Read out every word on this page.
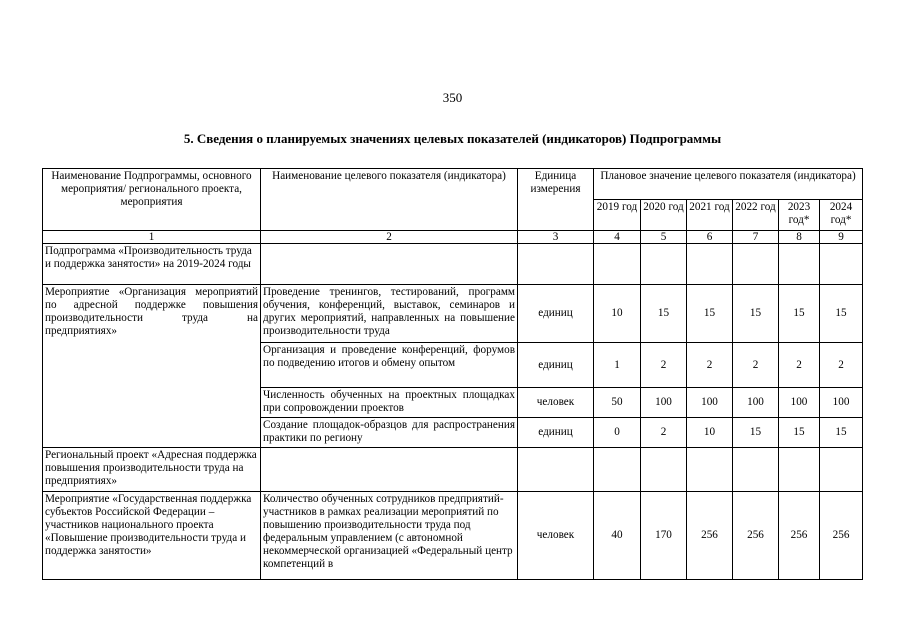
350
5. Сведения о планируемых значениях целевых показателей (индикаторов) Подпрограммы
Наименование Подпрограммы, основного мероприятия/ регионального проекта, мероприятия	Наименование целевого показателя (индикатора)	Единица измерения	Плановое значение целевого показателя (индикатора)					
			2019 год	2020 год	2021 год	2022 год	2023 год*	2024 год*
1	2	3	4	5	6	7	8	9
Подпрограмма «Производительность труда и поддержка занятости» на 2019-2024 годы								
Мероприятие «Организация мероприятий по адресной поддержке повышения производительности труда на предприятиях»	Проведение тренингов, тестирований, программ обучения, конференций, выставок, семинаров и других мероприятий, направленных на повышение производительности труда	единиц	10	15	15	15	15	15
	Организация и проведение конференций, форумов по подведению итогов и обмену опытом	единиц	1	2	2	2	2	2
	Численность обученных на проектных площадках при сопровождении проектов	человек	50	100	100	100	100	100
	Создание площадок-образцов для распространения практики по региону	единиц	0	2	10	15	15	15
Региональный проект «Адресная поддержка повышения производительности труда на предприятиях»								
Мероприятие «Государственная поддержка субъектов Российской Федерации – участников национального проекта «Повышение производительности труда и поддержка занятости»	Количество обученных сотрудников предприятий-участников в рамках реализации мероприятий по повышению производительности труда под федеральным управлением (с автономной некоммерческой организацией «Федеральный центр компетенций в	человек	40	170	256	256	256	256
